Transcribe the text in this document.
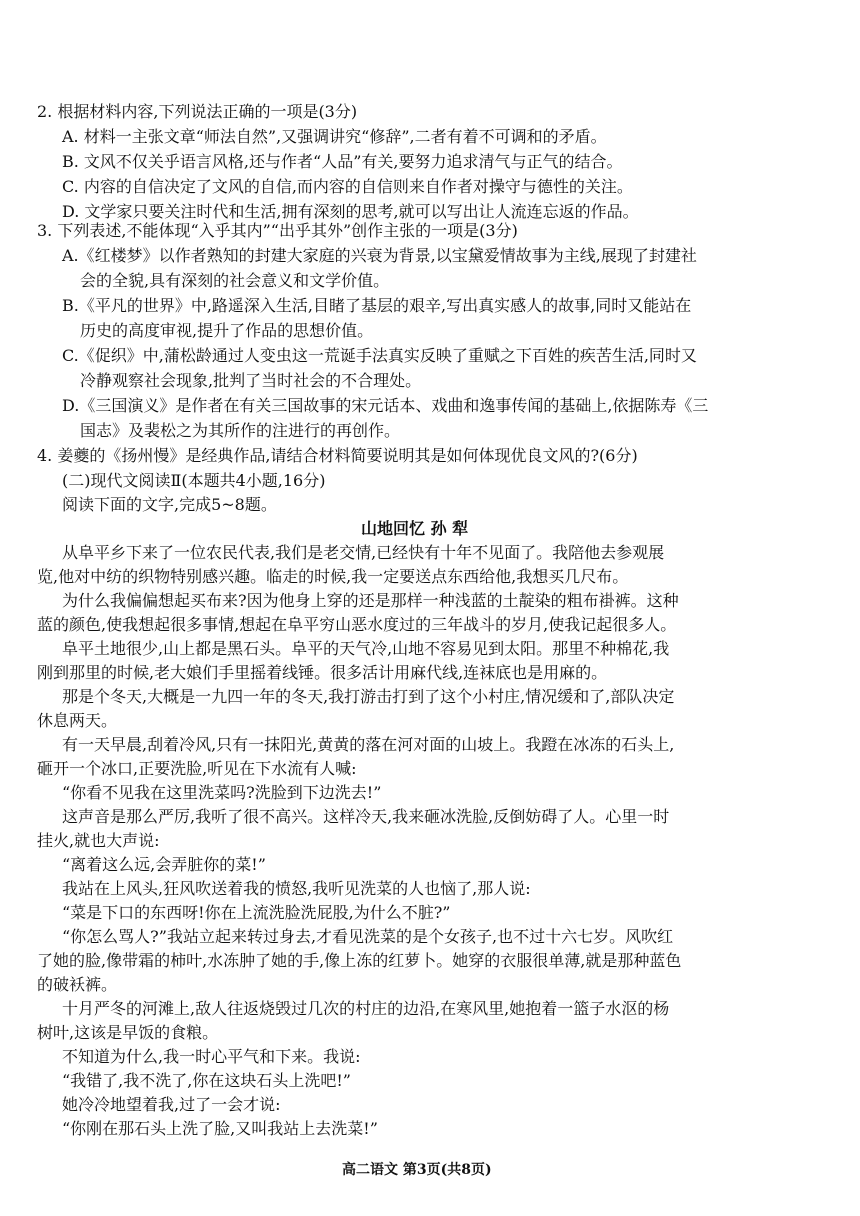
2. 根据材料内容,下列说法正确的一项是(3分)
A. 材料一主张文章“师法自然”,又强调讲究“修辞”,二者有着不可调和的矛盾。
B. 文风不仅关乎语言风格,还与作者“人品”有关,要努力追求清气与正气的结合。
C. 内容的自信决定了文风的自信,而内容的自信则来自作者对操守与德性的关注。
D. 文学家只要关注时代和生活,拥有深刻的思考,就可以写出让人流连忘返的作品。
3. 下列表述,不能体现“入乎其内”“出乎其外”创作主张的一项是(3分)
A.《红楼梦》以作者熟知的封建大家庭的兴衰为背景,以宝黛爱情故事为主线,展现了封建社
会的全貌,具有深刻的社会意义和文学价值。
B.《平凡的世界》中,路遥深入生活,目睹了基层的艰辛,写出真实感人的故事,同时又能站在
历史的高度审视,提升了作品的思想价值。
C.《促织》中,蒲松龄通过人变虫这一荒诞手法真实反映了重赋之下百姓的疾苦生活,同时又
冷静观察社会现象,批判了当时社会的不合理处。
D.《三国演义》是作者在有关三国故事的宋元话本、戏曲和逸事传闻的基础上,依据陈寿《三
国志》及裴松之为其所作的注进行的再创作。
4. 姜夔的《扬州慢》是经典作品,请结合材料简要说明其是如何体现优良文风的?(6分)
(二)现代文阅读Ⅱ(本题共4小题,16分)
阅读下面的文字,完成5~8题。
山地回忆 孙 犁
从阜平乡下来了一位农民代表,我们是老交情,已经快有十年不见面了。我陪他去参观展
览,他对中纺的织物特别感兴趣。临走的时候,我一定要送点东西给他,我想买几尺布。
为什么我偏偏想起买布来?因为他身上穿的还是那样一种浅蓝的土靛染的粗布褂裤。这种
蓝的颜色,使我想起很多事情,想起在阜平穷山恶水度过的三年战斗的岁月,使我记起很多人。
阜平土地很少,山上都是黑石头。阜平的天气冷,山地不容易见到太阳。那里不种棉花,我
刚到那里的时候,老大娘们手里摇着线锤。很多活计用麻代线,连袜底也是用麻的。
那是个冬天,大概是一九四一年的冬天,我打游击打到了这个小村庄,情况缓和了,部队决定
休息两天。
有一天早晨,刮着冷风,只有一抹阳光,黄黄的落在河对面的山坡上。我蹬在冰冻的石头上,
砸开一个冰口,正要洗脸,听见在下水流有人喊:
“你看不见我在这里洗菜吗?洗脸到下边洗去!”
这声音是那么严厉,我听了很不高兴。这样冷天,我来砸冰洗脸,反倒妨碍了人。心里一时
挂火,就也大声说:
“离着这么远,会弄脏你的菜!”
我站在上风头,狂风吹送着我的愤怒,我听见洗菜的人也恼了,那人说:
“菜是下口的东西呀!你在上流洗脸洗屁股,为什么不脏?”
“你怎么骂人?”我站立起来转过身去,才看见洗菜的是个女孩子,也不过十六七岁。风吹红
了她的脸,像带霜的柿叶,水冻肿了她的手,像上冻的红萝卜。她穿的衣服很单薄,就是那种蓝色
的破袄裤。
十月严冬的河滩上,敌人往返烧毁过几次的村庄的边沿,在寒风里,她抱着一篮子水沤的杨
树叶,这该是早饭的食粮。
不知道为什么,我一时心平气和下来。我说:
“我错了,我不洗了,你在这块石头上洗吧!”
她冷冷地望着我,过了一会才说:
“你刚在那石头上洗了脸,又叫我站上去洗菜!”
高二语文 第3页(共8页)
